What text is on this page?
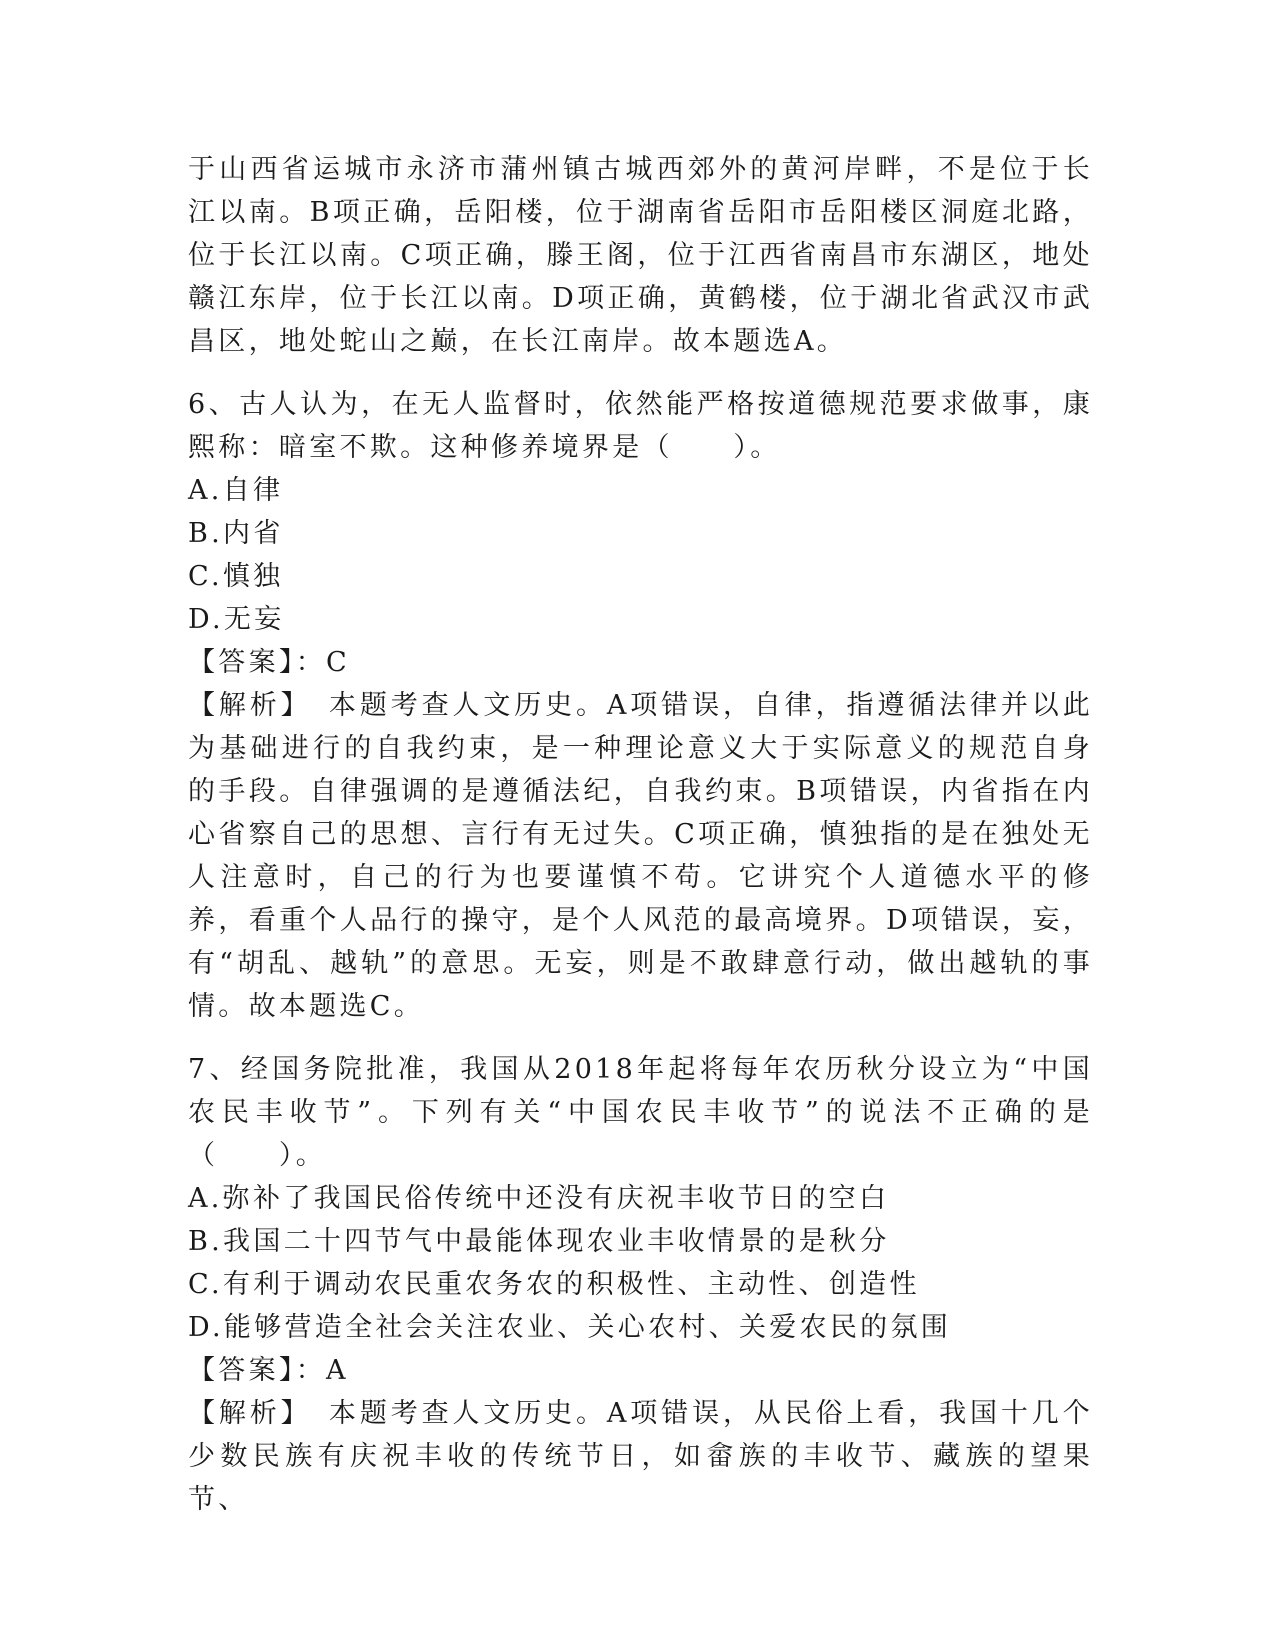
于山西省运城市永济市蒲州镇古城西郊外的黄河岸畔，不是位于长江以南。B项正确，岳阳楼，位于湖南省岳阳市岳阳楼区洞庭北路，位于长江以南。C项正确，滕王阁，位于江西省南昌市东湖区，地处赣江东岸，位于长江以南。D项正确，黄鹤楼，位于湖北省武汉市武昌区，地处蛇山之巅，在长江南岸。故本题选A。

6、古人认为，在无人监督时，依然能严格按道德规范要求做事，康熙称：暗室不欺。这种修养境界是（　　）。

A.自律

B.内省

C.慎独

D.无妄

【答案】：C

【解析】　本题考查人文历史。A项错误，自律，指遵循法律并以此为基础进行的自我约束，是一种理论意义大于实际意义的规范自身的手段。自律强调的是遵循法纪，自我约束。B项错误，内省指在内心省察自己的思想、言行有无过失。C项正确，慎独指的是在独处无人注意时，自己的行为也要谨慎不苟。它讲究个人道德水平的修养，看重个人品行的操守，是个人风范的最高境界。D项错误，妄，有“胡乱、越轨”的意思。无妄，则是不敢肆意行动，做出越轨的事情。故本题选C。

7、经国务院批准，我国从2018年起将每年农历秋分设立为“中国农民丰收节”。下列有关“中国农民丰收节”的说法不正确的是（　　）。

A.弥补了我国民俗传统中还没有庆祝丰收节日的空白

B.我国二十四节气中最能体现农业丰收情景的是秋分

C.有利于调动农民重农务农的积极性、主动性、创造性

D.能够营造全社会关注农业、关心农村、关爱农民的氛围

【答案】：A

【解析】　本题考查人文历史。A项错误，从民俗上看，我国十几个少数民族有庆祝丰收的传统节日，如畲族的丰收节、藏族的望果节、
